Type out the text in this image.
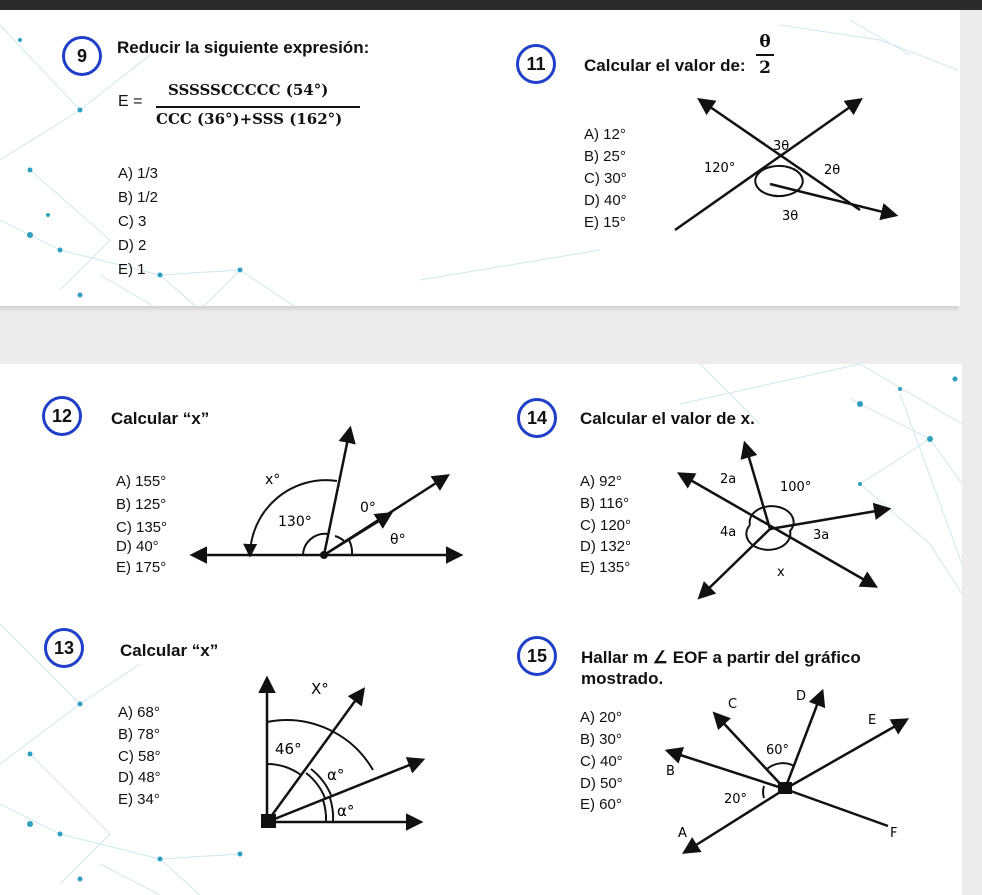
9	Reducir la siguiente expresión:
E =
SSSSSCCCCC (54°)
CCC (36°)+SSS (162°)
A) 1/3
B) 1/2
C) 3
D) 2
E) 1
11	Calcular el valor de:
θ
2
A) 12°
B) 25°
C) 30°
D) 40°
E) 15°
3θ
120°	2θ
3θ
12	Calcular “x”
A) 155°
B) 125°
C) 135°
D) 40°
E) 175°
x°
130°
0°
θ°
14	Calcular el valor de x.
A) 92°
B) 116°
C) 120°
D) 132°
E) 135°
2a
100°
4a	3a
x
13	Calcular “x”
A) 68°
B) 78°
C) 58°
D) 48°
E) 34°
X°
46°
α°
α°
15	Hallar m ∠ EOF a partir del gráfico
mostrado.
A) 20°
B) 30°
C) 40°
D) 50°
E) 60°
C
D
E
60°
B
20°
A	F
